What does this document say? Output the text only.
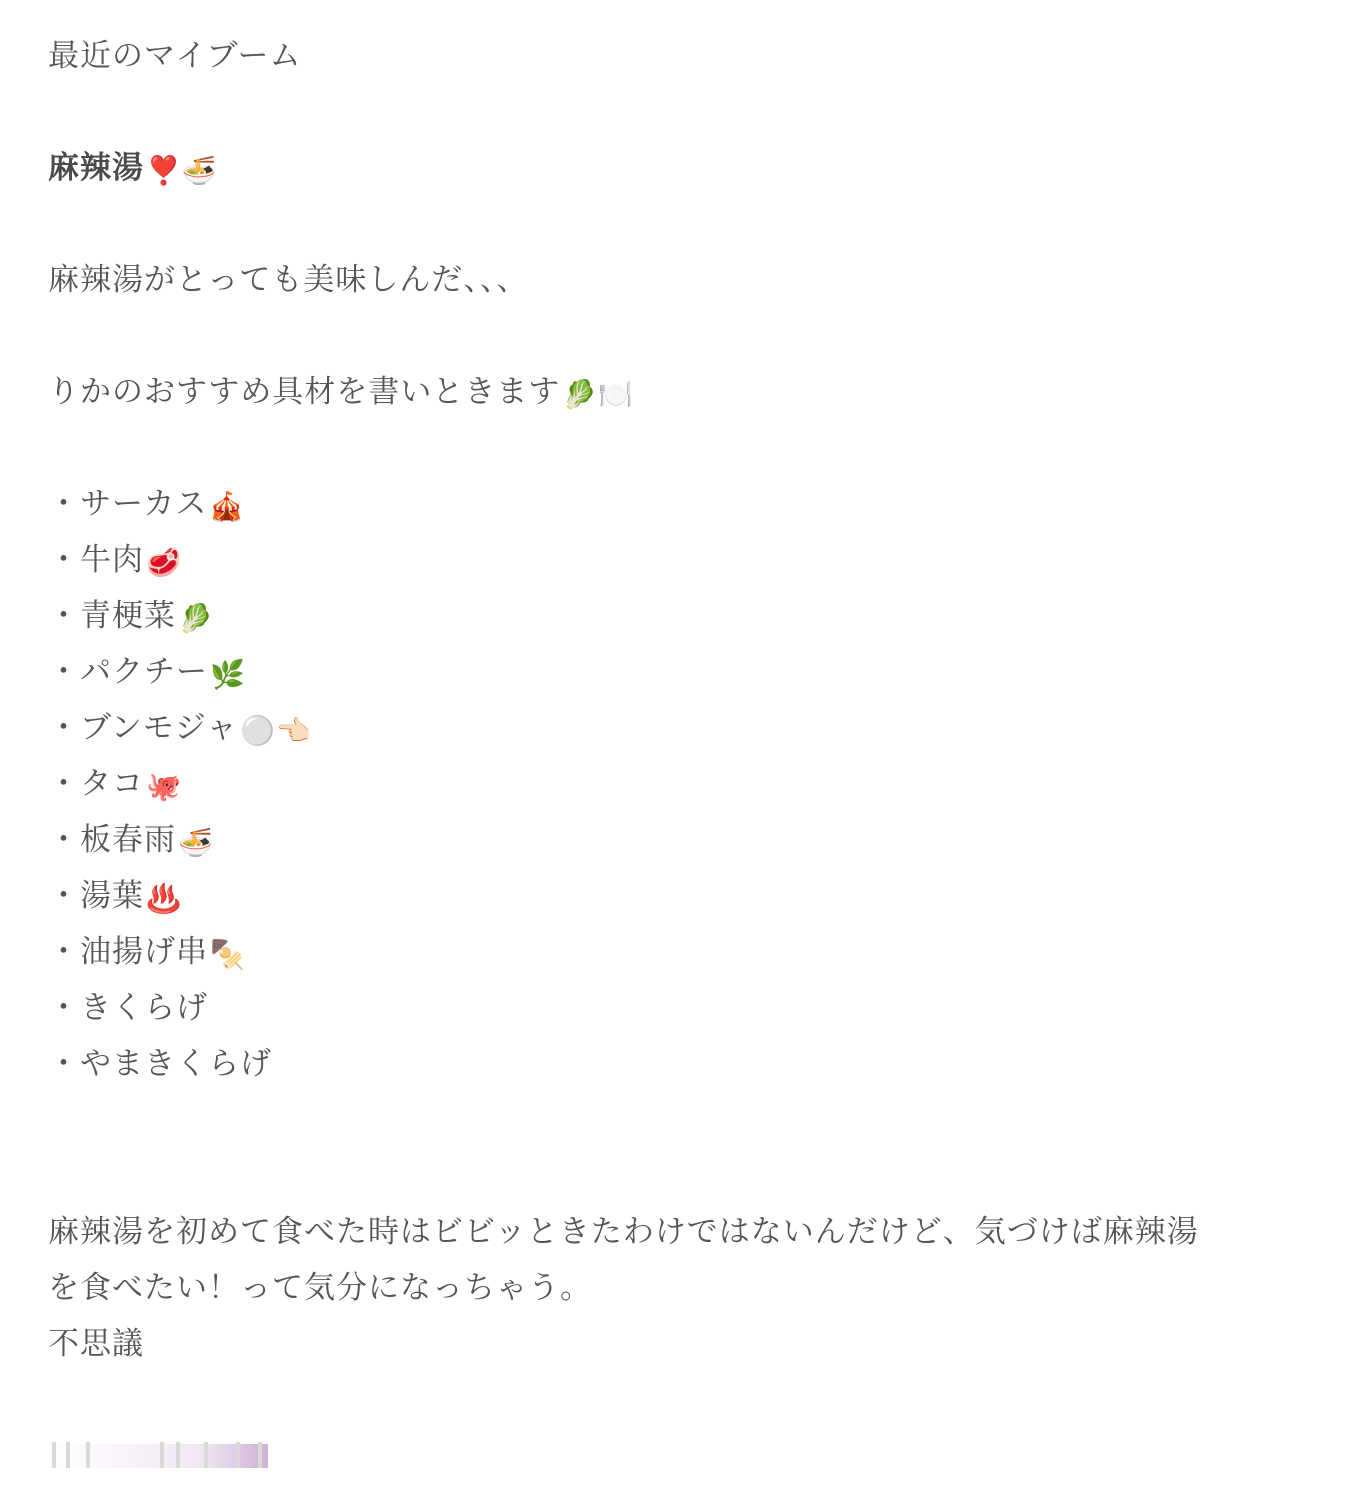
最近のマイブーム
麻辣湯❣️🍜
麻辣湯がとっても美味しんだ、、、
りかのおすすめ具材を書いときます🥬🍽️
・サーカス🎪
・牛肉🥩
・青梗菜🥬
・パクチー🌿
・ブンモジャ⚪️👈🏻
・タコ🐙
・板春雨🍜
・湯葉♨️
・油揚げ串🍢
・きくらげ
・やまきくらげ
麻辣湯を初めて食べた時はビビッときたわけではないんだけど、気づけば麻辣湯
を食べたい！って気分になっちゃう。
不思議
